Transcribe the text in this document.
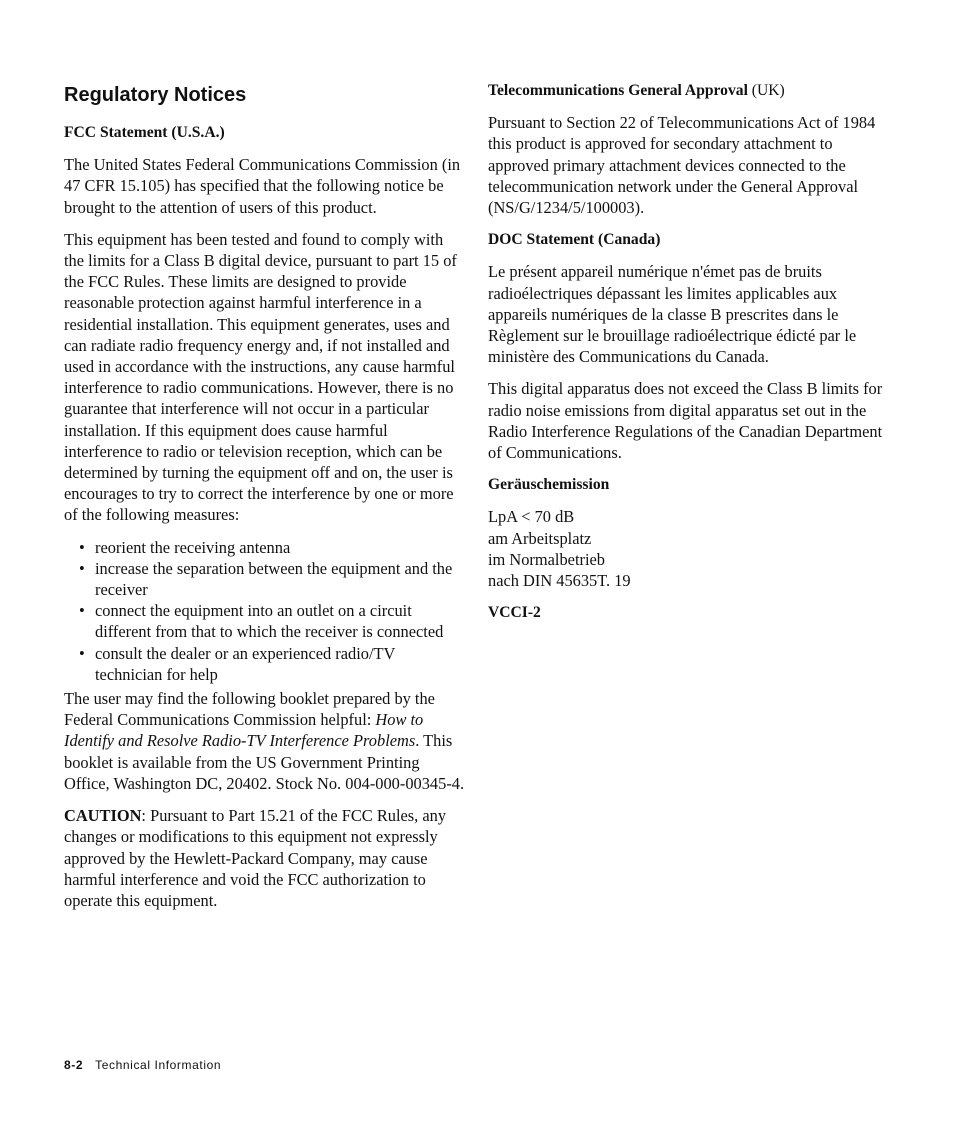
Regulatory Notices
FCC Statement (U.S.A.)

The United States Federal Communications Commission (in 47 CFR 15.105) has specified that the following notice be brought to the attention of users of this product.

This equipment has been tested and found to comply with the limits for a Class B digital device, pursuant to part 15 of the FCC Rules. These limits are designed to provide reasonable protection against harmful interference in a residential installation. This equipment generates, uses and can radiate radio frequency energy and, if not installed and used in accordance with the instructions, any cause harmful interference to radio communications. However, there is no guarantee that interference will not occur in a particular installation. If this equipment does cause harmful interference to radio or television reception, which can be determined by turning the equipment off and on, the user is encourages to try to correct the interference by one or more of the following measures:

• reorient the receiving antenna
• increase the separation between the equipment and the receiver
• connect the equipment into an outlet on a circuit different from that to which the receiver is connected
• consult the dealer or an experienced radio/TV technician for help

The user may find the following booklet prepared by the Federal Communications Commission helpful: How to Identify and Resolve Radio-TV Interference Problems. This booklet is available from the US Government Printing Office, Washington DC, 20402. Stock No. 004-000-00345-4.

CAUTION: Pursuant to Part 15.21 of the FCC Rules, any changes or modifications to this equipment not expressly approved by the Hewlett-Packard Company, may cause harmful interference and void the FCC authorization to operate this equipment.

Telecommunications General Approval (UK)

Pursuant to Section 22 of Telecommunications Act of 1984 this product is approved for secondary attachment to approved primary attachment devices connected to the telecommunication network under the General Approval (NS/G/1234/5/100003).

DOC Statement (Canada)

Le présent appareil numérique n'émet pas de bruits radioélectriques dépassant les limites applicables aux appareils numériques de la classe B prescrites dans le Règlement sur le brouillage radioélectrique édicté par le ministère des Communications du Canada.

This digital apparatus does not exceed the Class B limits for radio noise emissions from digital apparatus set out in the Radio Interference Regulations of the Canadian Department of Communications.

Geräuschemission
LpA < 70 dB
am Arbeitsplatz
im Normalbetrieb
nach DIN 45635T. 19
VCCI-2
8-2 Technical Information
